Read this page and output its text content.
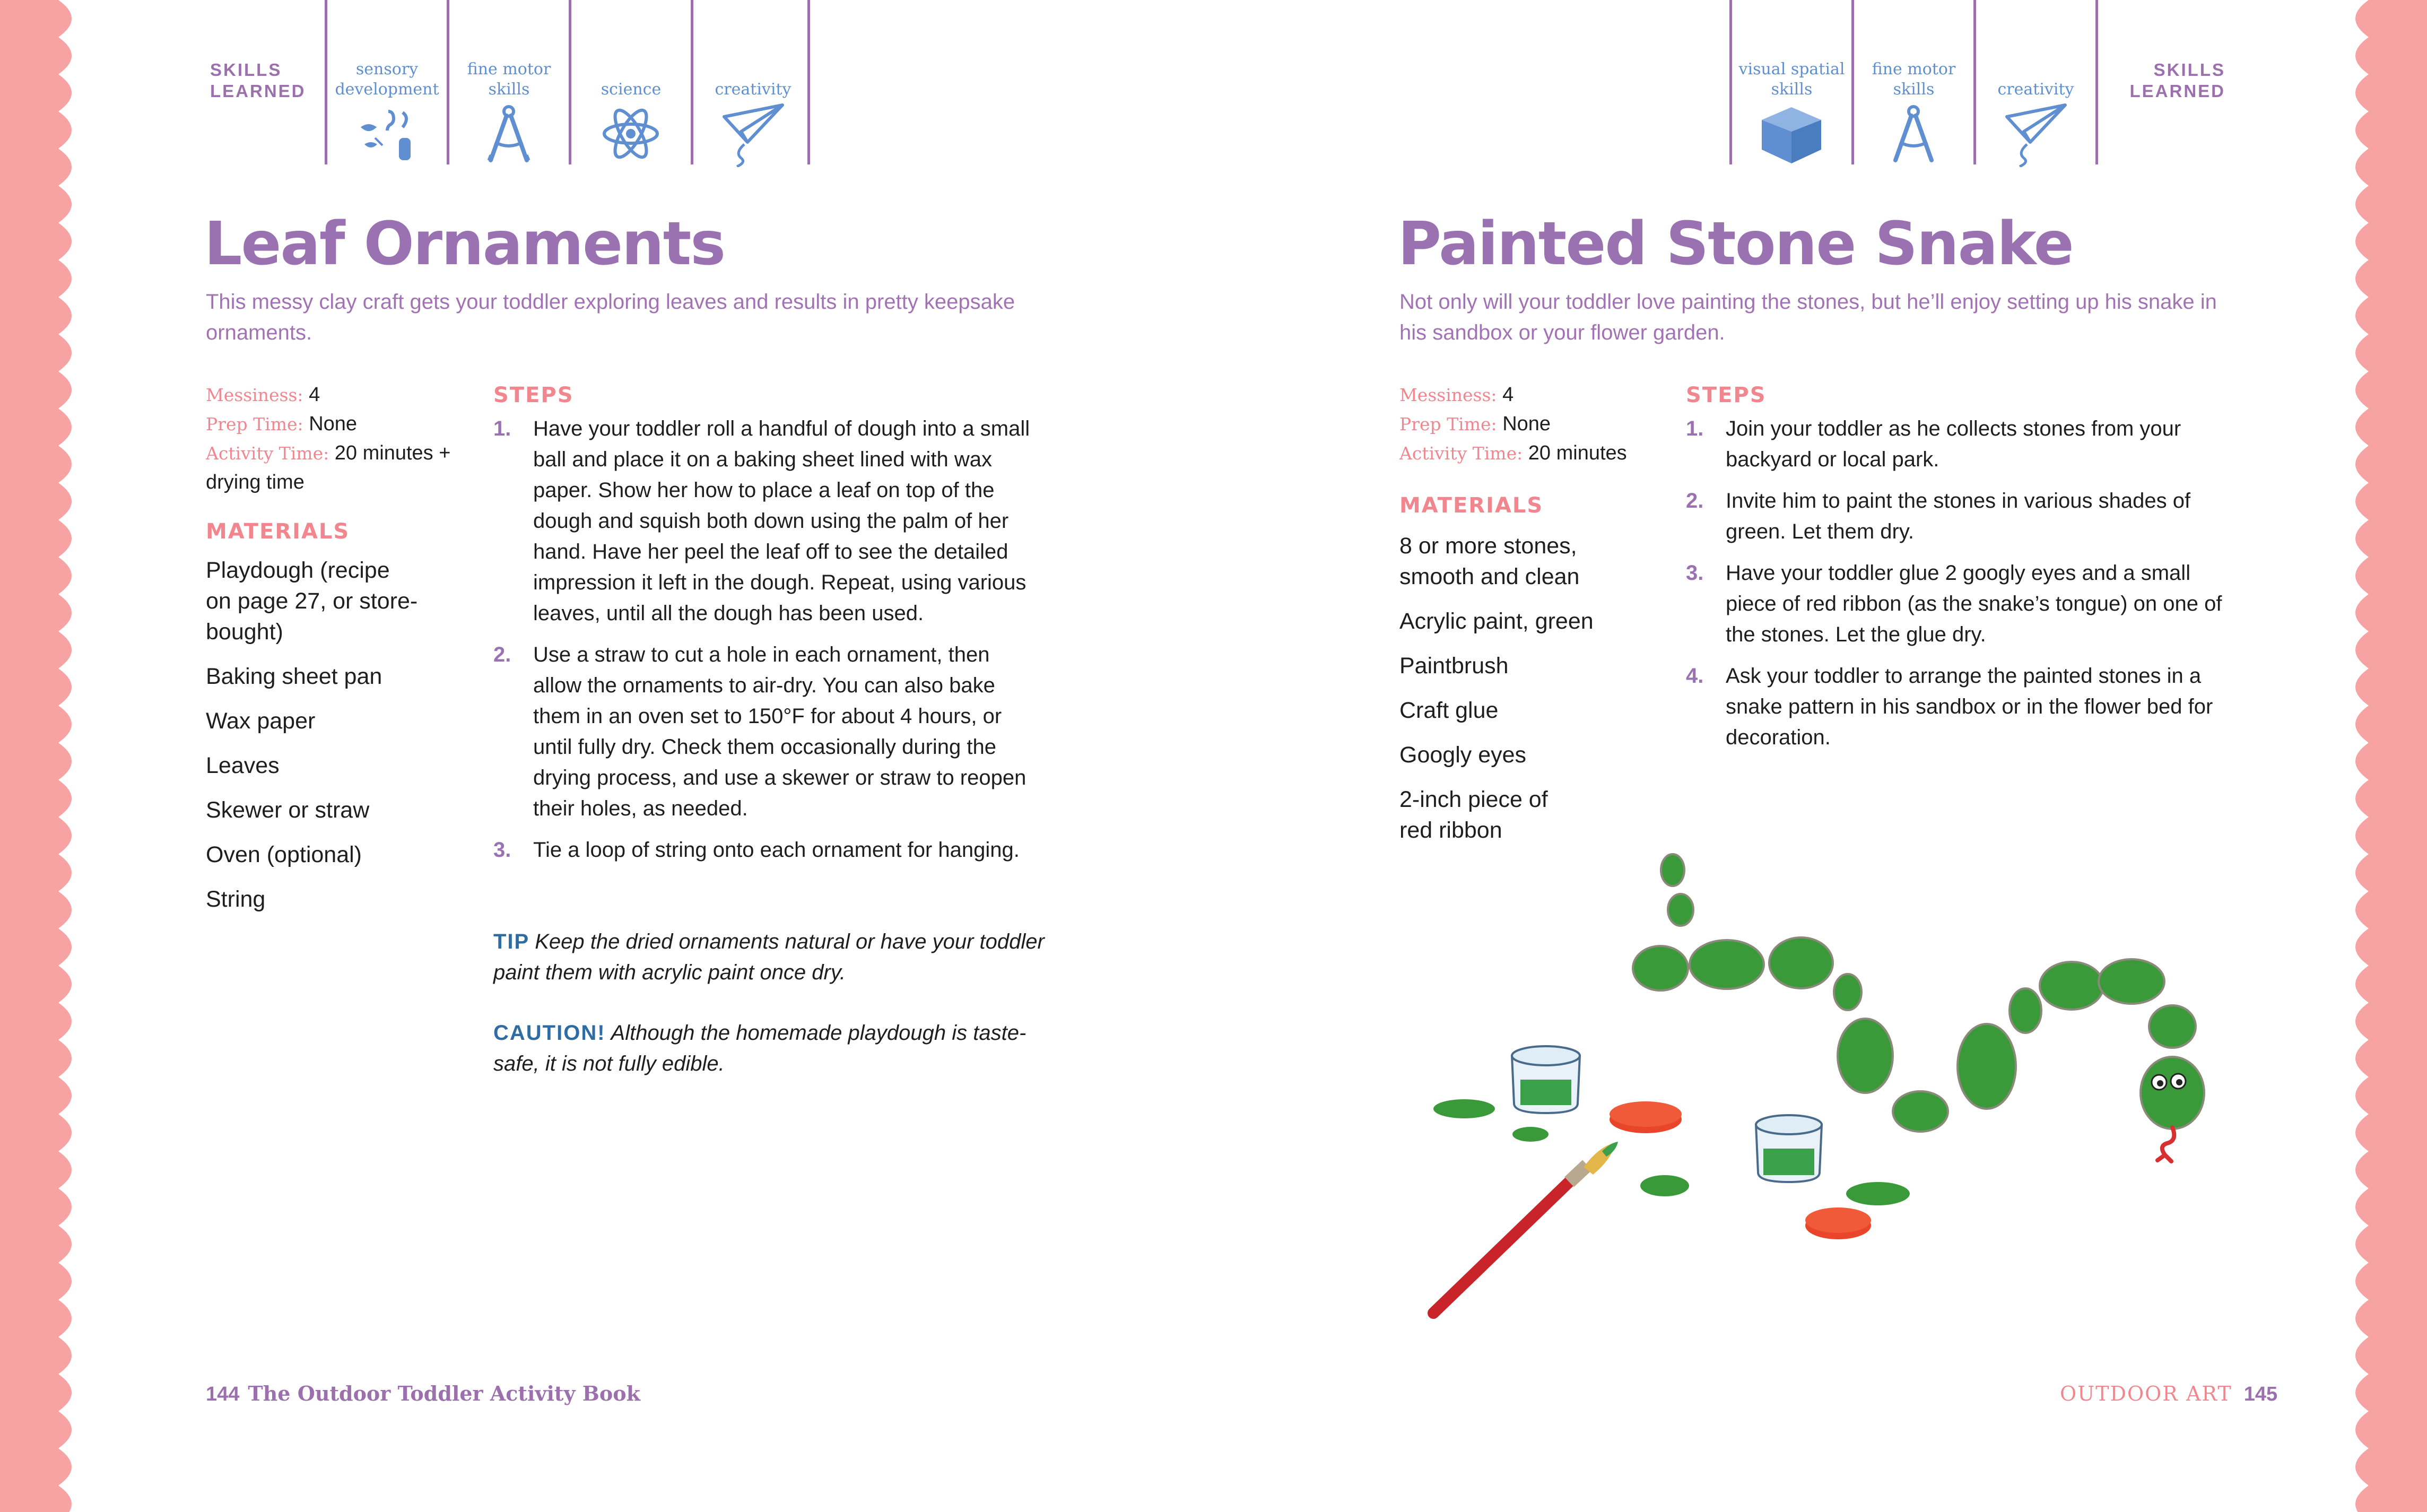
SKILLS LEARNED
sensory development
fine motor skills	science	creativity
Leaf Ornaments

This messy clay craft gets your toddler exploring leaves and results in pretty keepsake ornaments.

Messiness: 4
Prep Time: None
Activity Time: 20 minutes + drying time
MATERIALS
Playdough (recipe on page 27, or store-bought)
Baking sheet pan
Wax paper
Leaves
Skewer or straw
Oven (optional)
String
STEPS
1. Have your toddler roll a handful of dough into a small ball and place it on a baking sheet lined with wax paper. Show her how to place a leaf on top of the dough and squish both down using the palm of her hand. Have her peel the leaf off to see the detailed impression it left in the dough. Repeat, using various leaves, until all the dough has been used.
2. Use a straw to cut a hole in each ornament, then allow the ornaments to air-dry. You can also bake them in an oven set to 150°F for about 4 hours, or until fully dry. Check them occasionally during the drying process, and use a skewer or straw to reopen their holes, as needed.
3. Tie a loop of string onto each ornament for hanging.

TIP Keep the dried ornaments natural or have your toddler paint them with acrylic paint once dry.

CAUTION! Although the homemade playdough is taste-safe, it is not fully edible.

144 The Outdoor Toddler Activity Book
visual spatial skills
fine motor skills	creativity
SKILLS LEARNED
Painted Stone Snake

Not only will your toddler love painting the stones, but he’ll enjoy setting up his snake in his sandbox or your flower garden.

Messiness: 4
Prep Time: None
Activity Time: 20 minutes
MATERIALS
8 or more stones, smooth and clean
Acrylic paint, green
Paintbrush
Craft glue
Googly eyes
2-inch piece of red ribbon
STEPS
1. Join your toddler as he collects stones from your backyard or local park.
2. Invite him to paint the stones in various shades of green. Let them dry.
3. Have your toddler glue 2 googly eyes and a small piece of red ribbon (as the snake’s tongue) on one of the stones. Let the glue dry.
4. Ask your toddler to arrange the painted stones in a snake pattern in his sandbox or in the flower bed for decoration.
OUTDOOR ART 145
